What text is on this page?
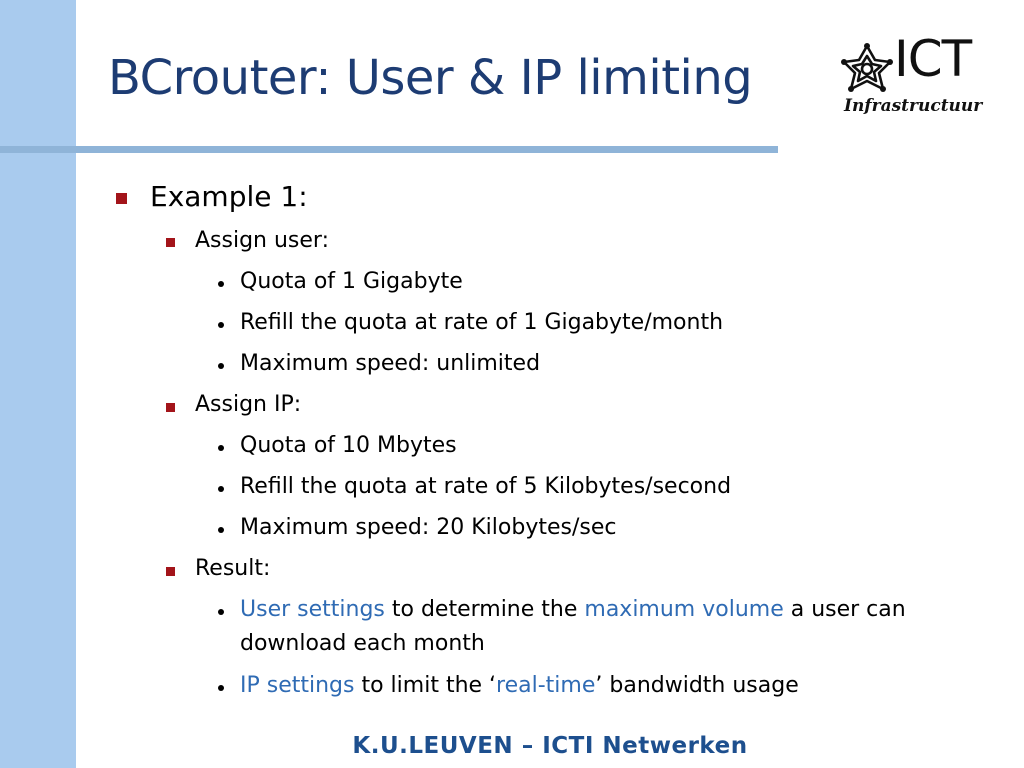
BCrouter: User & IP limiting	ICT
Infrastructuur
Example 1:
Assign user:
Quota of 1 Gigabyte
Refill the quota at rate of 1 Gigabyte/month
Maximum speed: unlimited
Assign IP:
Quota of 10 Mbytes
Refill the quota at rate of 5 Kilobytes/second
Maximum speed: 20 Kilobytes/sec
Result:
User settings to determine the maximum volume a user can
download each month
IP settings to limit the ‘real-time’ bandwidth usage
K.U.LEUVEN – ICTI Netwerken
